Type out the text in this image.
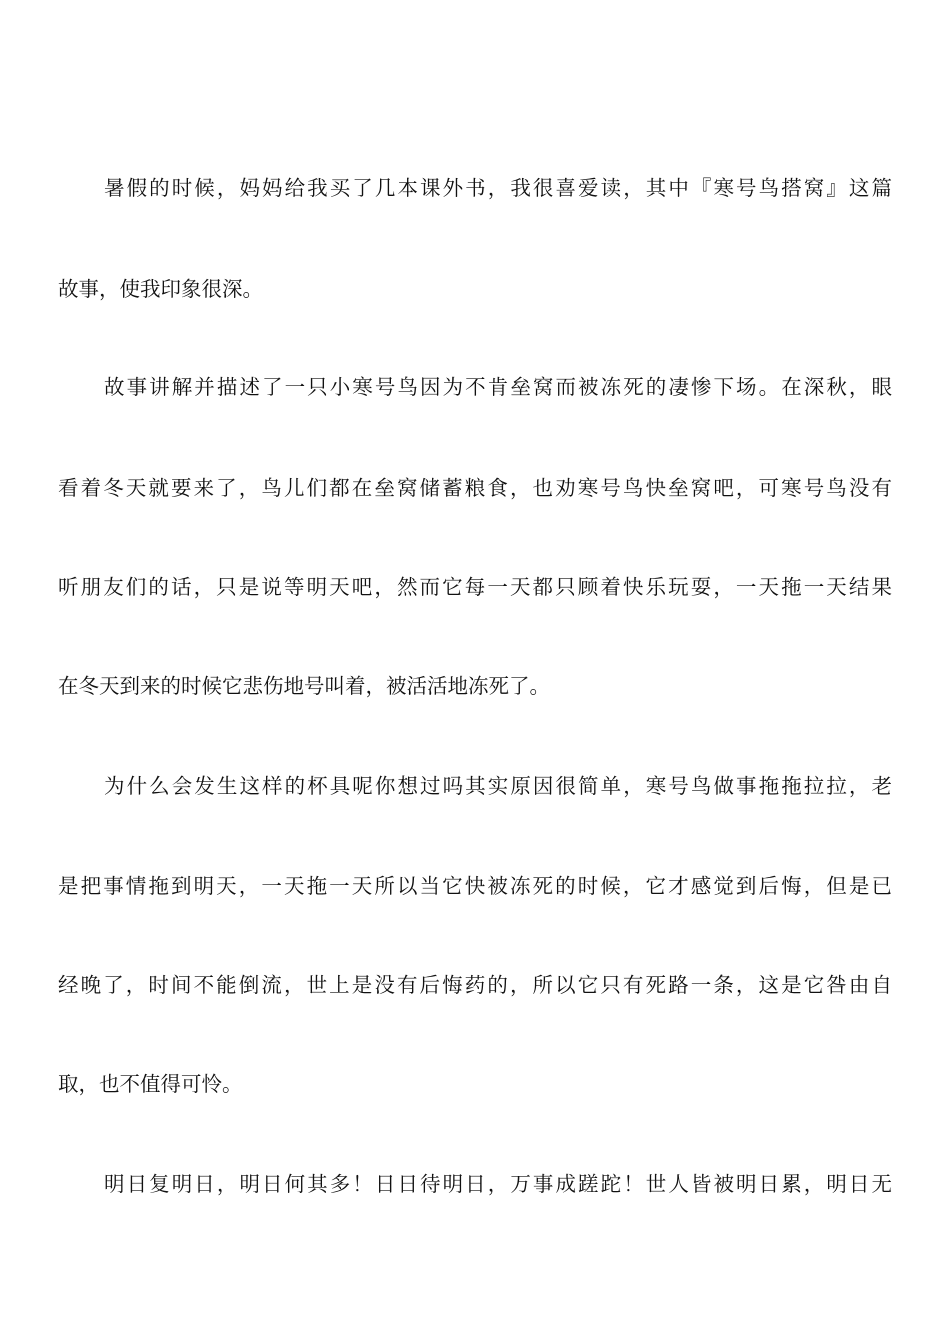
暑假的时候，妈妈给我买了几本课外书，我很喜爱读，其中『寒号鸟搭窝』这篇
故事，使我印象很深。
故事讲解并描述了一只小寒号鸟因为不肯垒窝而被冻死的凄惨下场。在深秋，眼
看着冬天就要来了，鸟儿们都在垒窝储蓄粮食，也劝寒号鸟快垒窝吧，可寒号鸟没有
听朋友们的话，只是说等明天吧，然而它每一天都只顾着快乐玩耍，一天拖一天结果
在冬天到来的时候它悲伤地号叫着，被活活地冻死了。
为什么会发生这样的杯具呢你想过吗其实原因很简单，寒号鸟做事拖拖拉拉，老
是把事情拖到明天，一天拖一天所以当它快被冻死的时候，它才感觉到后悔，但是已
经晚了，时间不能倒流，世上是没有后悔药的，所以它只有死路一条，这是它咎由自
取，也不值得可怜。
明日复明日，明日何其多！日日待明日，万事成蹉跎！世人皆被明日累，明日无
